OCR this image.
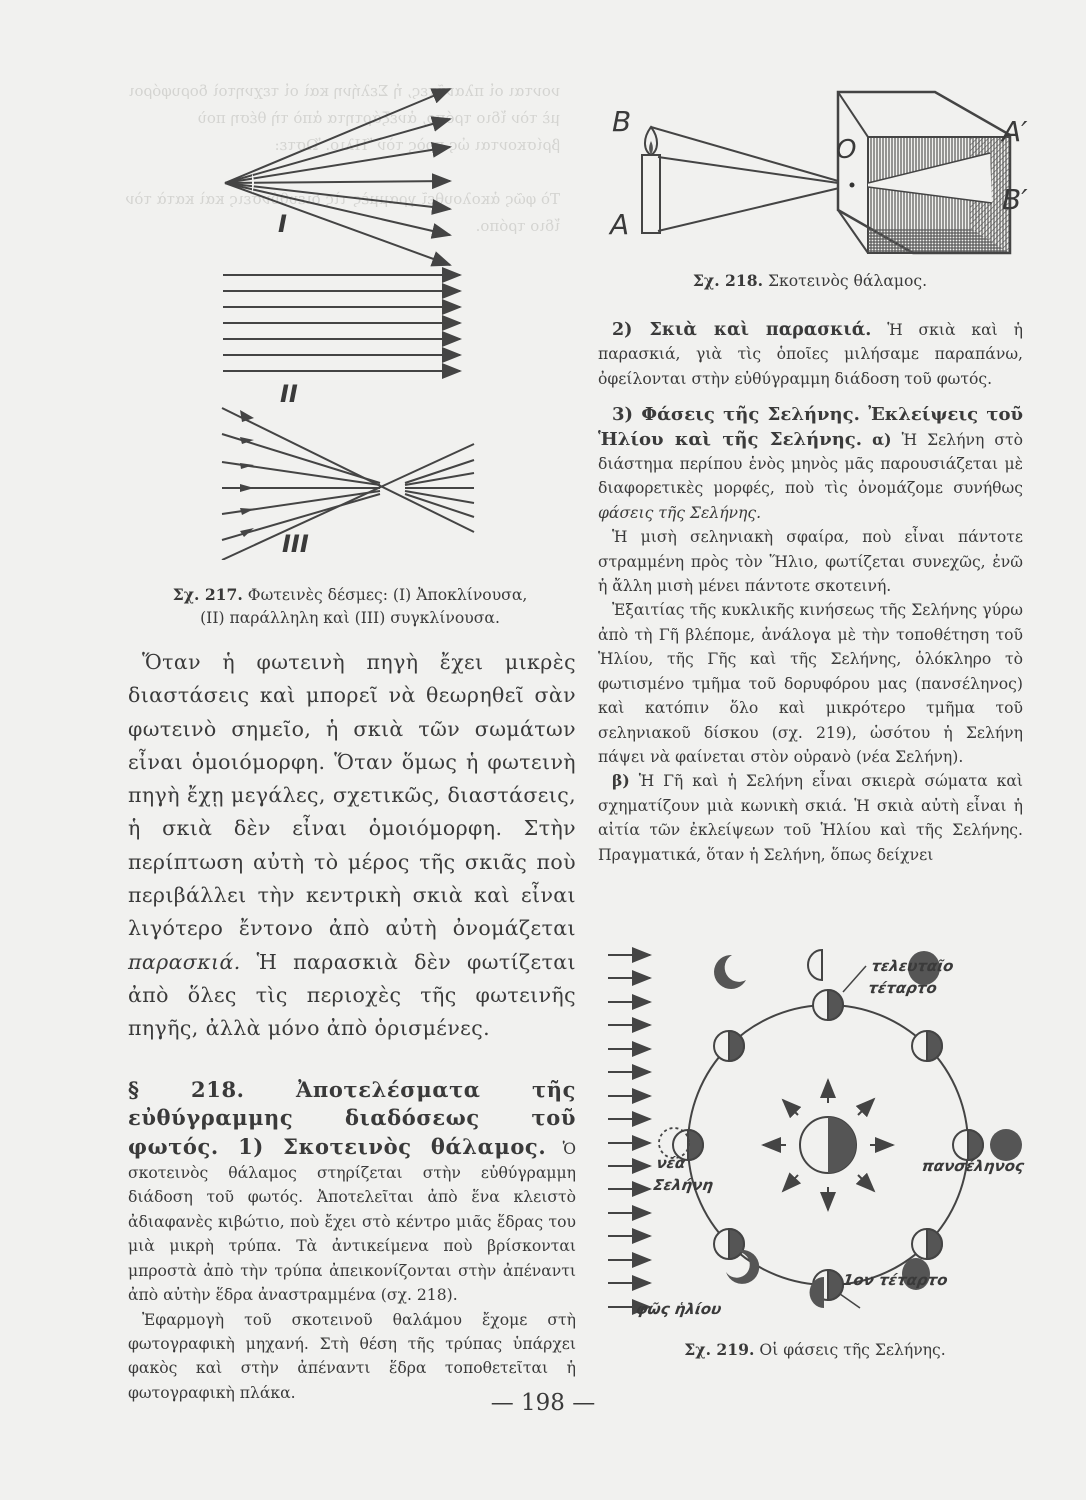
νονται οἱ πλανῆτες, ἡ Σελήνη καὶ οἱ τεχνητοὶ δορυφόροι μὲ τὸν ἴδιο τρόπο, ἀνεξάρτητα ἀπὸ τὴ θέση ποὺ βρίσκονται ὡς πρὸς τὸν Ἥλιο. Ὥστε:

Τὸ φῶς ἀκολουθεῖ γραμμὲς τὶς διευθύνσεις καὶ κατὰ τὸν ἴδιο τρόπο.
I
II
III

Σχ. 217. Φωτεινὲς δέσμες: (I) Ἀποκλίνουσα,
(II) παράλληλη καὶ (III) συγκλίνουσα.

Ὅταν ἡ φωτεινὴ πηγὴ ἔχει μικρὲς διαστάσεις καὶ μπορεῖ νὰ θεωρηθεῖ σὰν φωτεινὸ σημεῖο, ἡ σκιὰ τῶν σωμάτων εἶναι ὁμοιόμορφη. Ὅταν ὅμως ἡ φωτεινὴ πηγὴ ἔχῃ μεγάλες, σχετικῶς, διαστάσεις, ἡ σκιὰ δὲν εἶναι ὁμοιόμορφη. Στὴν περίπτωση αὐτὴ τὸ μέρος τῆς σκιᾶς ποὺ περιβάλλει τὴν κεντρικὴ σκιὰ καὶ εἶναι λιγότερο ἔντονο ἀπὸ αὐτὴ ὀνομάζεται παρασκιά. Ἡ παρασκιὰ δὲν φωτίζεται ἀπὸ ὅλες τὶς περιοχὲς τῆς φωτεινῆς πηγῆς, ἀλλὰ μόνο ἀπὸ ὁρισμένες.

§ 218. Ἀποτελέσματα τῆς εὐθύγραμμης διαδόσεως τοῦ φωτός. 1) Σκοτεινὸς θάλαμος. Ὁ σκοτεινὸς θάλαμος στηρίζεται στὴν εὐθύγραμμη διάδοση τοῦ φωτός. Ἀποτελεῖται ἀπὸ ἕνα κλειστὸ ἀδιαφανὲς κιβώτιο, ποὺ ἔχει στὸ κέντρο μιᾶς ἕδρας του μιὰ μικρὴ τρύπα. Τὰ ἀντικείμενα ποὺ βρίσκονται μπροστὰ ἀπὸ τὴν τρύπα ἀπεικονίζονται στὴν ἀπέναντι ἀπὸ αὐτὴν ἕδρα ἀναστραμμένα (σχ. 218).

Ἐφαρμογὴ τοῦ σκοτεινοῦ θαλάμου ἔχομε στὴ φωτογραφικὴ μηχανή. Στὴ θέση τῆς τρύπας ὑπάρχει φακὸς καὶ στὴν ἀπέναντι ἕδρα τοποθετεῖται ἡ φωτογραφικὴ πλάκα.

B
A
O
A′
B′

Σχ. 218. Σκοτεινὸς θάλαμος.

2) Σκιὰ καὶ παρασκιά. Ἡ σκιὰ καὶ ἡ παρασκιά, γιὰ τὶς ὁποῖες μιλήσαμε παραπάνω, ὀφείλονται στὴν εὐθύγραμμη διάδοση τοῦ φωτός.

3) Φάσεις τῆς Σελήνης. Ἐκλείψεις τοῦ Ἡλίου καὶ τῆς Σελήνης. α) Ἡ Σελήνη στὸ διάστημα περίπου ἑνὸς μηνὸς μᾶς παρουσιάζεται μὲ διαφορετικὲς μορφές, ποὺ τὶς ὀνομάζομε συνήθως φάσεις τῆς Σελήνης.

Ἡ μισὴ σεληνιακὴ σφαίρα, ποὺ εἶναι πάντοτε στραμμένη πρὸς τὸν Ἥλιο, φωτίζεται συνεχῶς, ἐνῶ ἡ ἄλλη μισὴ μένει πάντοτε σκοτεινή.

Ἐξαιτίας τῆς κυκλικῆς κινήσεως τῆς Σελήνης γύρω ἀπὸ τὴ Γῆ βλέπομε, ἀνάλογα μὲ τὴν τοποθέτηση τοῦ Ἡλίου, τῆς Γῆς καὶ τῆς Σελήνης, ὁλόκληρο τὸ φωτισμένο τμῆμα τοῦ δορυφόρου μας (πανσέληνος) καὶ κατόπιν ὅλο καὶ μικρότερο τμῆμα τοῦ σεληνιακοῦ δίσκου (σχ. 219), ὡσότου ἡ Σελήνη πάψει νὰ φαίνεται στὸν οὐρανὸ (νέα Σελήνη).

β) Ἡ Γῆ καὶ ἡ Σελήνη εἶναι σκιερὰ σώματα καὶ σχηματίζουν μιὰ κωνικὴ σκιά. Ἡ σκιὰ αὐτὴ εἶναι ἡ αἰτία τῶν ἐκλείψεων τοῦ Ἡλίου καὶ τῆς Σελήνης. Πραγματικά, ὅταν ἡ Σελήνη, ὅπως δείχνει

τελευταῖο τέταρτο
νέα Σελήνη
πανσέληνος
1ον τέταρτο
φῶς ἡλίου

Σχ. 219. Οἱ φάσεις τῆς Σελήνης.

— 198 —
